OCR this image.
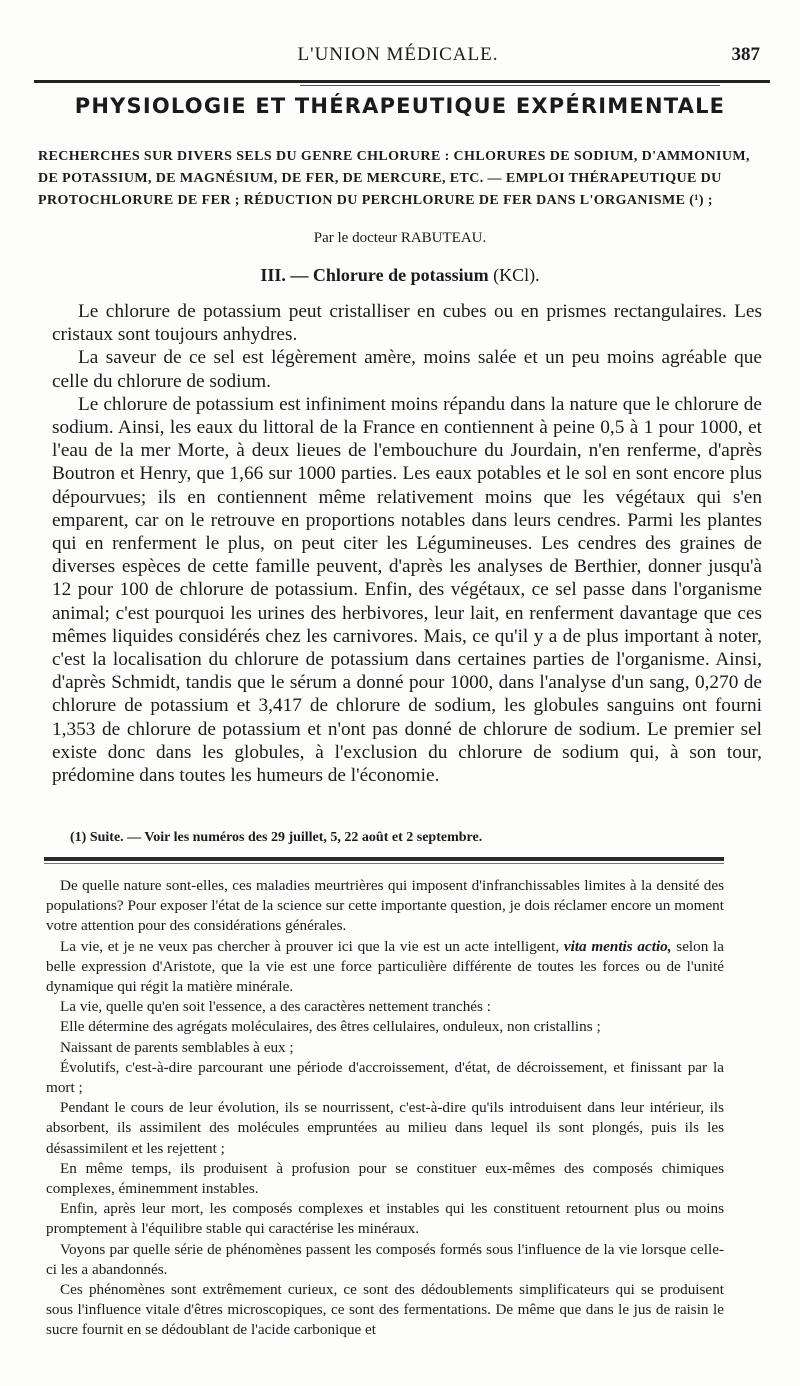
L'UNION MÉDICALE.	387
PHYSIOLOGIE ET THÉRAPEUTIQUE EXPÉRIMENTALE

RECHERCHES SUR DIVERS SELS DU GENRE CHLORURE : CHLORURES DE SODIUM, D'AMMONIUM, DE POTASSIUM, DE MAGNÉSIUM, DE FER, DE MERCURE, ETC. — EMPLOI THÉRAPEUTIQUE DU PROTOCHLORURE DE FER ; RÉDUCTION DU PERCHLORURE DE FER DANS L'ORGANISME (¹) ;

Par le docteur RABUTEAU.
III. — Chlorure de potassium (KCl).

Le chlorure de potassium peut cristalliser en cubes ou en prismes rectangulaires. Les cristaux sont toujours anhydres.

La saveur de ce sel est légèrement amère, moins salée et un peu moins agréable que celle du chlorure de sodium.

Le chlorure de potassium est infiniment moins répandu dans la nature que le chlorure de sodium. Ainsi, les eaux du littoral de la France en contiennent à peine 0,5 à 1 pour 1000, et l'eau de la mer Morte, à deux lieues de l'embouchure du Jourdain, n'en renferme, d'après Boutron et Henry, que 1,66 sur 1000 parties. Les eaux potables et le sol en sont encore plus dépourvues; ils en contiennent même relativement moins que les végétaux qui s'en emparent, car on le retrouve en proportions notables dans leurs cendres. Parmi les plantes qui en renferment le plus, on peut citer les Légumineuses. Les cendres des graines de diverses espèces de cette famille peuvent, d'après les analyses de Berthier, donner jusqu'à 12 pour 100 de chlorure de potassium. Enfin, des végétaux, ce sel passe dans l'organisme animal; c'est pourquoi les urines des herbivores, leur lait, en renferment davantage que ces mêmes liquides considérés chez les carnivores. Mais, ce qu'il y a de plus important à noter, c'est la localisation du chlorure de potassium dans certaines parties de l'organisme. Ainsi, d'après Schmidt, tandis que le sérum a donné pour 1000, dans l'analyse d'un sang, 0,270 de chlorure de potassium et 3,417 de chlorure de sodium, les globules sanguins ont fourni 1,353 de chlorure de potassium et n'ont pas donné de chlorure de sodium. Le premier sel existe donc dans les globules, à l'exclusion du chlorure de sodium qui, à son tour, prédomine dans toutes les humeurs de l'économie.

(1) Suite. — Voir les numéros des 29 juillet, 5, 22 août et 2 septembre.

De quelle nature sont-elles, ces maladies meurtrières qui imposent d'infranchissables limites à la densité des populations? Pour exposer l'état de la science sur cette importante question, je dois réclamer encore un moment votre attention pour des considérations générales.

La vie, et je ne veux pas chercher à prouver ici que la vie est un acte intelligent, vita mentis actio, selon la belle expression d'Aristote, que la vie est une force particulière différente de toutes les forces ou de l'unité dynamique qui régit la matière minérale.

La vie, quelle qu'en soit l'essence, a des caractères nettement tranchés :

Elle détermine des agrégats moléculaires, des êtres cellulaires, onduleux, non cristallins ;

Naissant de parents semblables à eux ;

Évolutifs, c'est-à-dire parcourant une période d'accroissement, d'état, de décroissement, et finissant par la mort ;

Pendant le cours de leur évolution, ils se nourrissent, c'est-à-dire qu'ils introduisent dans leur intérieur, ils absorbent, ils assimilent des molécules empruntées au milieu dans lequel ils sont plongés, puis ils les désassimilent et les rejettent ;

En même temps, ils produisent à profusion pour se constituer eux-mêmes des composés chimiques complexes, éminemment instables.

Enfin, après leur mort, les composés complexes et instables qui les constituent retournent plus ou moins promptement à l'équilibre stable qui caractérise les minéraux.

Voyons par quelle série de phénomènes passent les composés formés sous l'influence de la vie lorsque celle-ci les a abandonnés.

Ces phénomènes sont extrêmement curieux, ce sont des dédoublements simplificateurs qui se produisent sous l'influence vitale d'êtres microscopiques, ce sont des fermentations. De même que dans le jus de raisin le sucre fournit en se dédoublant de l'acide carbonique et
